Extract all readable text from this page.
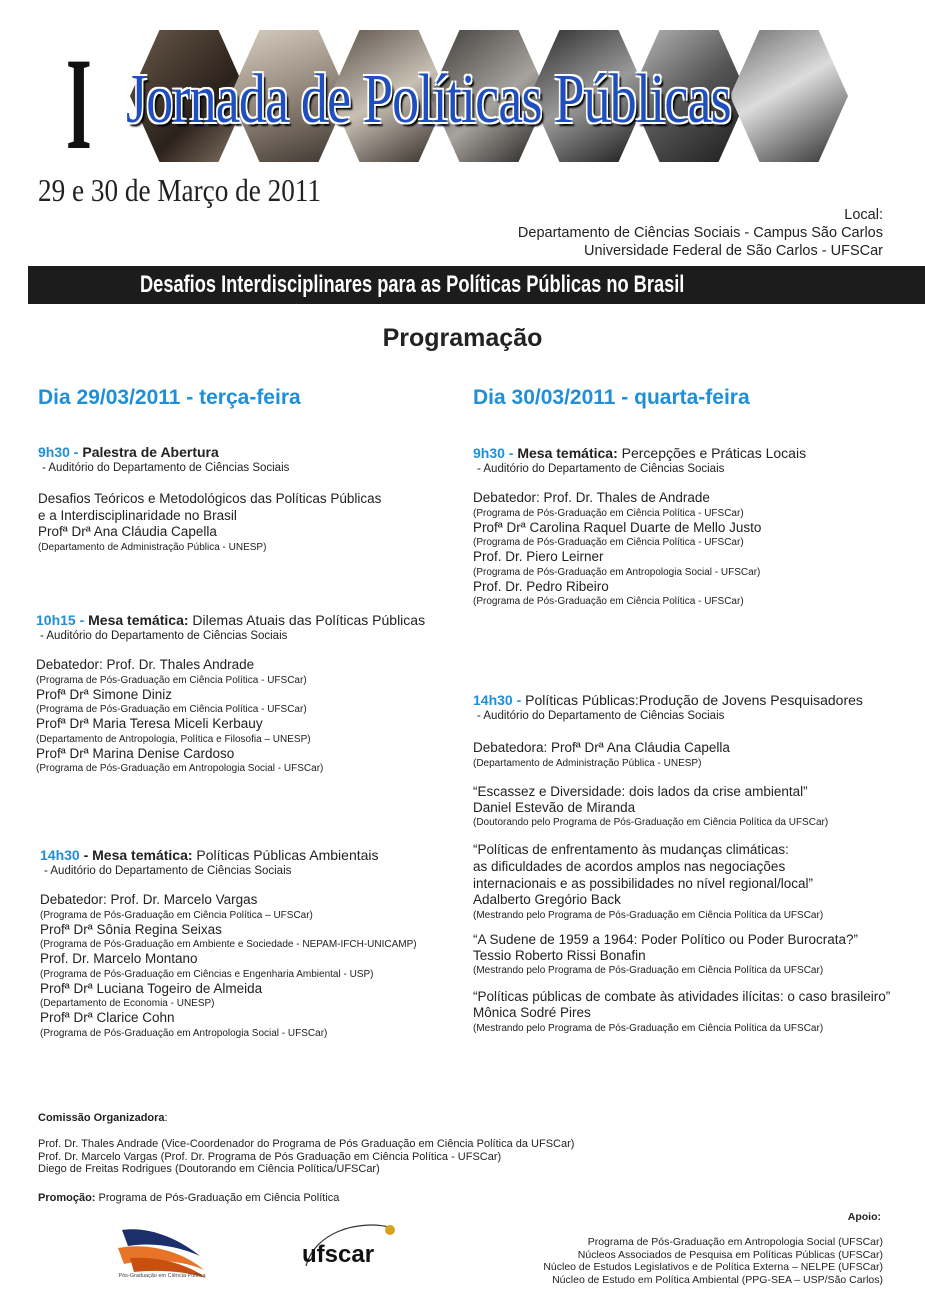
I Jornada de Políticas Públicas
29 e 30 de Março de 2011
Local:
Departamento de Ciências Sociais - Campus São Carlos
Universidade Federal de São Carlos - UFSCar
Desafios Interdisciplinares para as Políticas Públicas no Brasil
Programação
Dia 29/03/2011 - terça-feira	Dia 30/03/2011 - quarta-feira
9h30 - Palestra de Abertura
- Auditório do Departamento de Ciências Sociais
Desafios Teóricos e Metodológicos das Políticas Públicas
e a Interdisciplinaridade no Brasil
Profª Drª Ana Cláudia Capella
(Departamento de Administração Pública - UNESP)
10h15 - Mesa temática: Dilemas Atuais das Políticas Públicas
- Auditório do Departamento de Ciências Sociais
Debatedor: Prof. Dr. Thales Andrade
(Programa de Pós-Graduação em Ciência Política - UFSCar)
Profª Drª Simone Diniz
(Programa de Pós-Graduação em Ciência Política - UFSCar)
Profª Drª Maria Teresa Miceli Kerbauy
(Departamento de Antropologia, Política e Filosofia – UNESP)
Profª Drª Marina Denise Cardoso
(Programa de Pós-Graduação em Antropologia Social - UFSCar)
14h30 - Mesa temática: Políticas Públicas Ambientais
- Auditório do Departamento de Ciências Sociais
Debatedor: Prof. Dr. Marcelo Vargas
(Programa de Pós-Graduação em Ciência Política – UFSCar)
Profª Drª Sônia Regina Seixas
(Programa de Pós-Graduação em Ambiente e Sociedade - NEPAM-IFCH-UNICAMP)
Prof. Dr. Marcelo Montano
(Programa de Pós-Graduação em Ciências e Engenharia Ambiental - USP)
Profª Drª Luciana Togeiro de Almeida
(Departamento de Economia - UNESP)
Profª Drª Clarice Cohn
(Programa de Pós-Graduação em Antropologia Social - UFSCar)
9h30 - Mesa temática: Percepções e Práticas Locais
- Auditório do Departamento de Ciências Sociais
Debatedor: Prof. Dr. Thales de Andrade
(Programa de Pós-Graduação em Ciência Política - UFSCar)
Profª Drª Carolina Raquel Duarte de Mello Justo
(Programa de Pós-Graduação em Ciência Política - UFSCar)
Prof. Dr. Piero Leirner
(Programa de Pós-Graduação em Antropologia Social - UFSCar)
Prof. Dr. Pedro Ribeiro
(Programa de Pós-Graduação em Ciência Política - UFSCar)
14h30 - Políticas Públicas:Produção de Jovens Pesquisadores
- Auditório do Departamento de Ciências Sociais
Debatedora: Profª Drª Ana Cláudia Capella
(Departamento de Administração Pública - UNESP)
“Escassez e Diversidade: dois lados da crise ambiental”
Daniel Estevão de Miranda
(Doutorando pelo Programa de Pós-Graduação em Ciência Política da UFSCar)
“Políticas de enfrentamento às mudanças climáticas:
as dificuldades de acordos amplos nas negociações
internacionais e as possibilidades no nível regional/local”
Adalberto Gregório Back
(Mestrando pelo Programa de Pós-Graduação em Ciência Política da UFSCar)
“A Sudene de 1959 a 1964: Poder Político ou Poder Burocrata?”
Tessio Roberto Rissi Bonafin
(Mestrando pelo Programa de Pós-Graduação em Ciência Política da UFSCar)
“Políticas públicas de combate às atividades ilícitas: o caso brasileiro”
Mônica Sodré Pires
(Mestrando pelo Programa de Pós-Graduação em Ciência Política da UFSCar)
Comissão Organizadora:
Prof. Dr. Thales Andrade (Vice-Coordenador do Programa de Pós Graduação em Ciência Política da UFSCar)
Prof. Dr. Marcelo Vargas (Prof. Dr. Programa de Pós Graduação em Ciência Política - UFSCar)
Diego de Freitas Rodrigues (Doutorando em Ciência Política/UFSCar)
Promoção: Programa de Pós-Graduação em Ciência Política
Pós-Graduação em Ciência Política
ufscar
Apoio:
Programa de Pós-Graduação em Antropologia Social (UFSCar)
Núcleos Associados de Pesquisa em Políticas Públicas (UFSCar)
Núcleo de Estudos Legislativos e de Política Externa – NELPE (UFSCar)
Núcleo de Estudo em Política Ambiental (PPG-SEA – USP/São Carlos)
